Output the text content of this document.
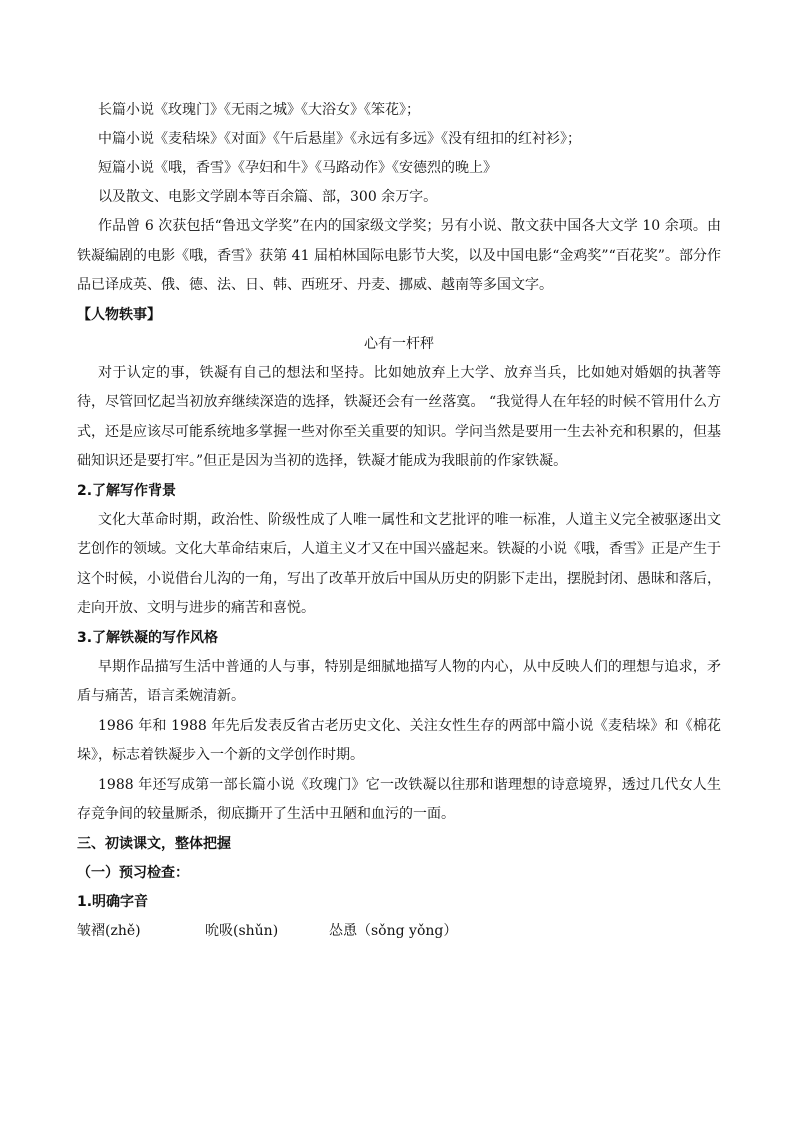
长篇小说《玫瑰门》《无雨之城》《大浴女》《笨花》；

中篇小说《麦秸垛》《对面》《午后悬崖》《永远有多远》《没有纽扣的红衬衫》；

短篇小说《哦，香雪》《孕妇和牛》《马路动作》《安德烈的晚上》

以及散文、电影文学剧本等百余篇、部，300 余万字。

作品曾 6 次获包括“鲁迅文学奖”在内的国家级文学奖；另有小说、散文获中国各大文学 10 余项。由铁凝编剧的电影《哦，香雪》获第 41 届柏林国际电影节大奖，以及中国电影“金鸡奖”“百花奖”。部分作品已译成英、俄、德、法、日、韩、西班牙、丹麦、挪威、越南等多国文字。

【人物轶事】

心有一杆秤

对于认定的事，铁凝有自己的想法和坚持。比如她放弃上大学、放弃当兵，比如她对婚姻的执著等待，尽管回忆起当初放弃继续深造的选择，铁凝还会有一丝落寞。 “我觉得人在年轻的时候不管用什么方式，还是应该尽可能系统地多掌握一些对你至关重要的知识。学问当然是要用一生去补充和积累的，但基础知识还是要打牢。”但正是因为当初的选择，铁凝才能成为我眼前的作家铁凝。

2.了解写作背景

文化大革命时期，政治性、阶级性成了人唯一属性和文艺批评的唯一标准，人道主义完全被驱逐出文艺创作的领域。文化大革命结束后，人道主义才又在中国兴盛起来。铁凝的小说《哦，香雪》正是产生于这个时候，小说借台儿沟的一角，写出了改革开放后中国从历史的阴影下走出，摆脱封闭、愚昧和落后，走向开放、文明与进步的痛苦和喜悦。

3.了解铁凝的写作风格

早期作品描写生活中普通的人与事，特别是细腻地描写人物的内心，从中反映人们的理想与追求，矛盾与痛苦，语言柔婉清新。

1986 年和 1988 年先后发表反省古老历史文化、关注女性生存的两部中篇小说《麦秸垛》和《棉花垛》，标志着铁凝步入一个新的文学创作时期。

1988 年还写成第一部长篇小说《玫瑰门》它一改铁凝以往那和谐理想的诗意境界，透过几代女人生存竞争间的较量厮杀，彻底撕开了生活中丑陋和血污的一面。

三、初读课文，整体把握

（一）预习检查：

1.明确字音

皱褶(zhě)	吮吸(shǔn)	怂恿（sǒng yǒng）
